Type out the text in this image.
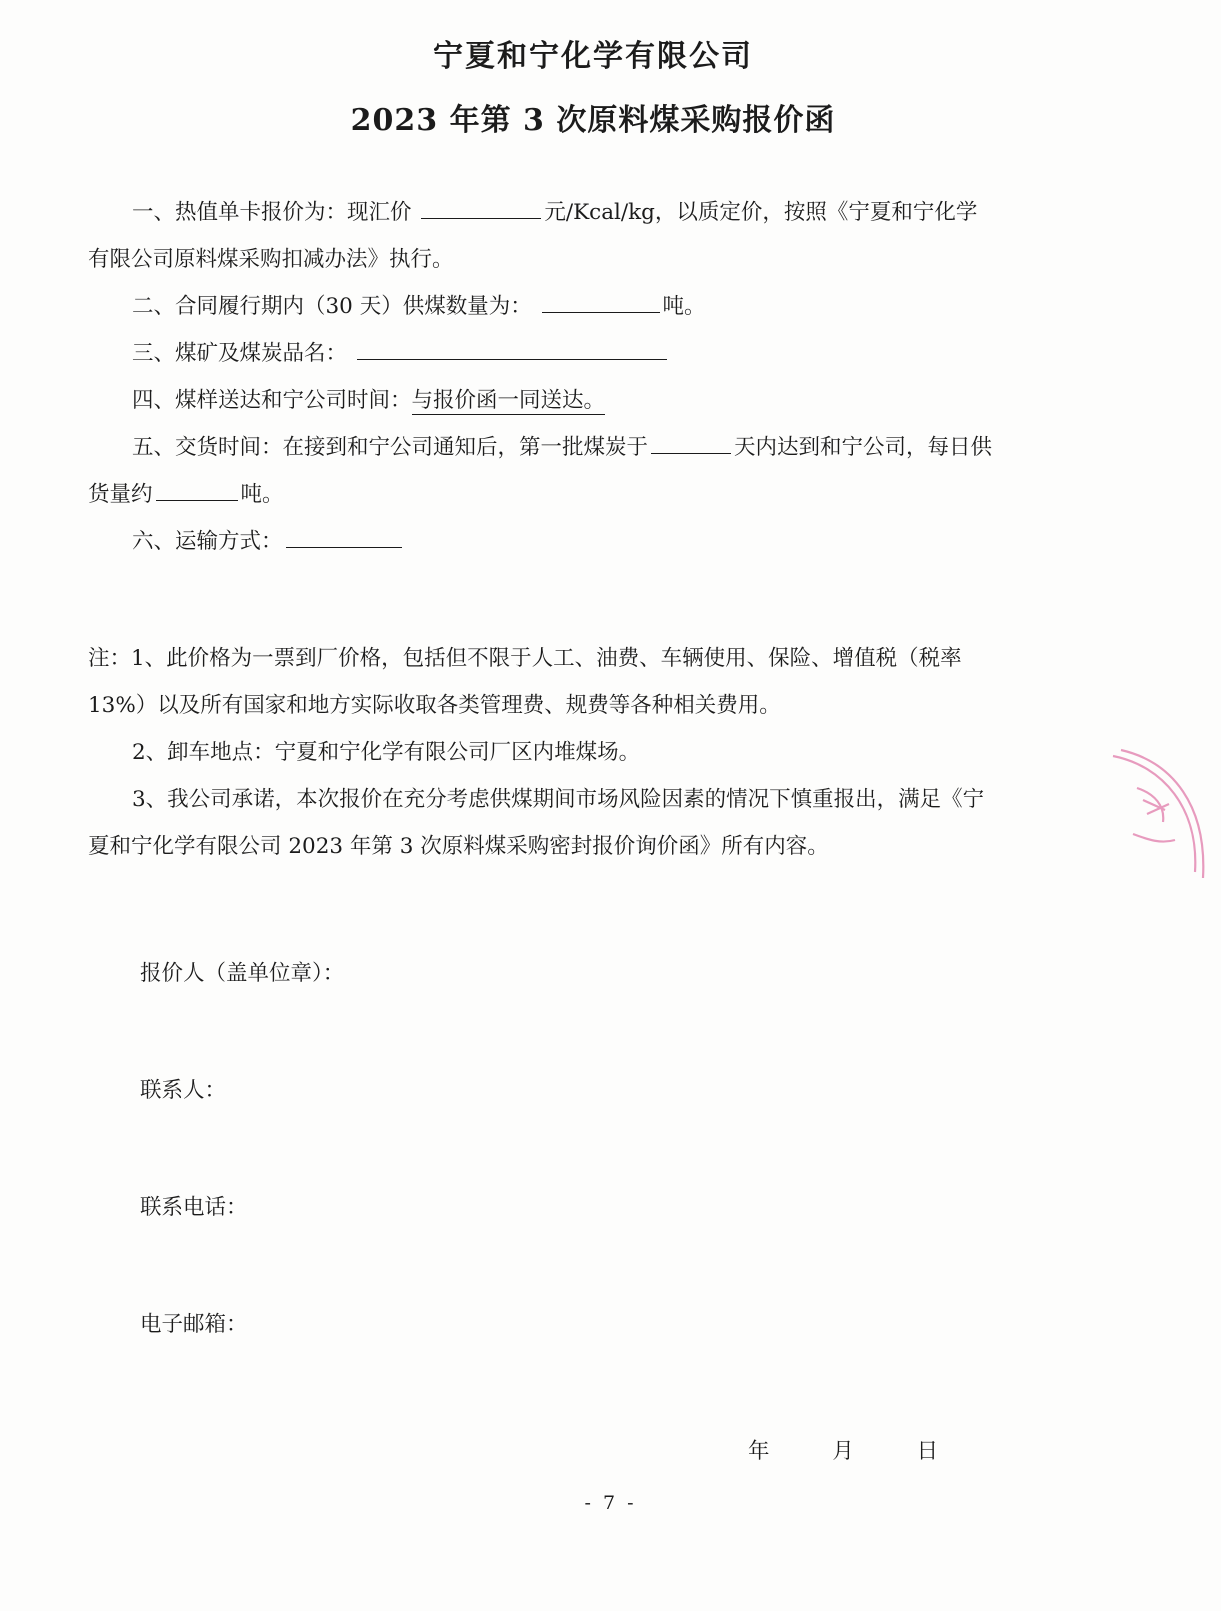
宁夏和宁化学有限公司
2023 年第 3 次原料煤采购报价函

一、热值单卡报价为：现汇价	元/Kcal/kg，以质定价，按照《宁夏和宁化学

有限公司原料煤采购扣减办法》执行。

二、合同履行期内（30 天）供煤数量为：	吨。

三、煤矿及煤炭品名：

四、煤样送达和宁公司时间：与报价函一同送达。

五、交货时间：在接到和宁公司通知后，第一批煤炭于	天内达到和宁公司，每日供

货量约	吨。

六、运输方式：

注：1、此价格为一票到厂价格，包括但不限于人工、油费、车辆使用、保险、增值税（税率

13%）以及所有国家和地方实际收取各类管理费、规费等各种相关费用。

2、卸车地点：宁夏和宁化学有限公司厂区内堆煤场。

3、我公司承诺，本次报价在充分考虑供煤期间市场风险因素的情况下慎重报出，满足《宁

夏和宁化学有限公司 2023 年第 3 次原料煤采购密封报价询价函》所有内容。

报价人（盖单位章）：
联系人：
联系电话：
电子邮箱：
年 月 日
- 7 -
